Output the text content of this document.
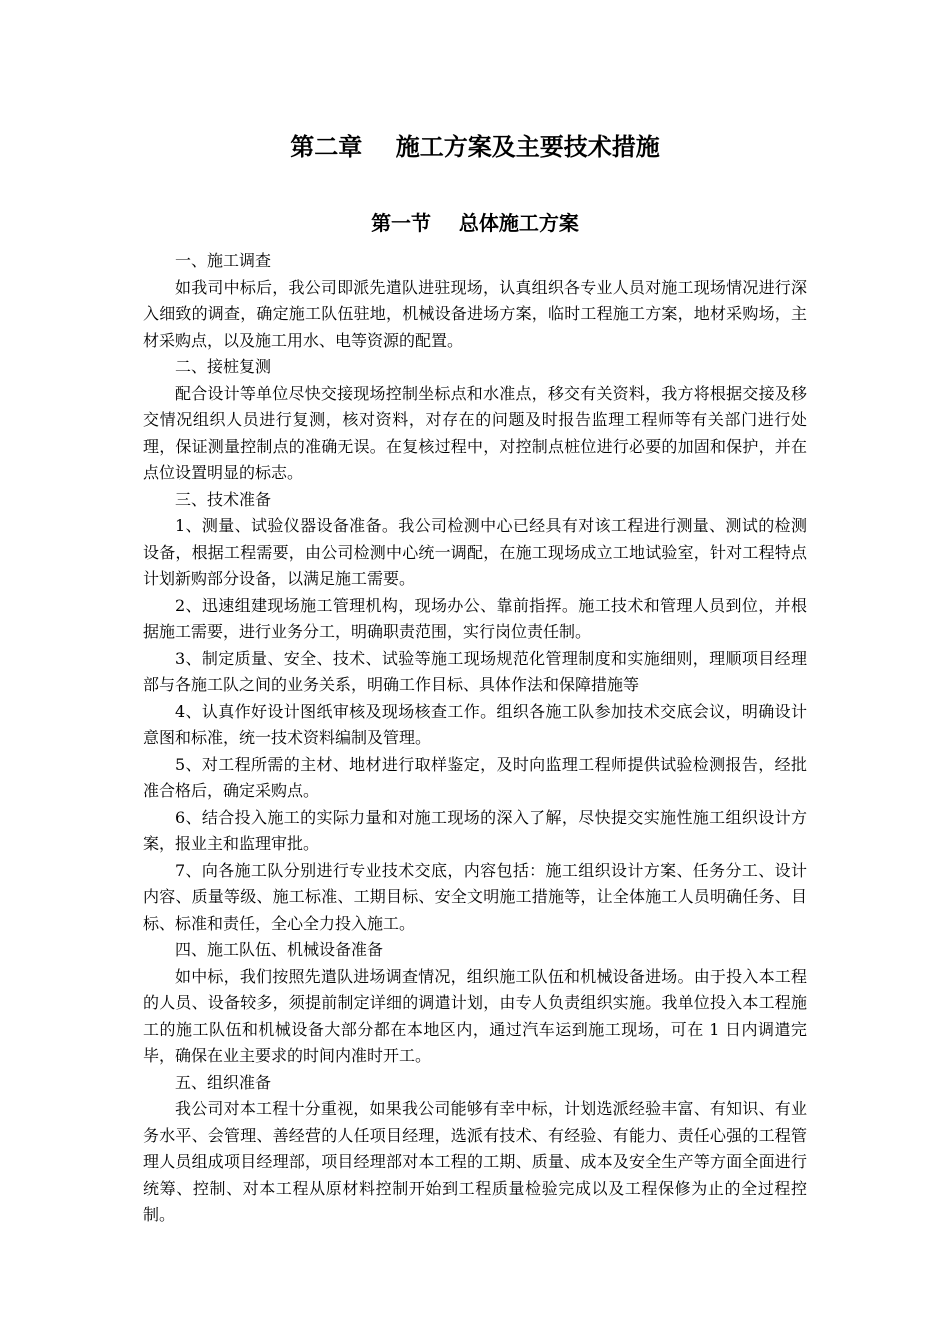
第二章    施工方案及主要技术措施
第一节    总体施工方案

一、施工调查

如我司中标后，我公司即派先遣队进驻现场，认真组织各专业人员对施工现场情况进行深入细致的调查，确定施工队伍驻地，机械设备进场方案，临时工程施工方案，地材采购场，主材采购点，以及施工用水、电等资源的配置。

二、接桩复测

配合设计等单位尽快交接现场控制坐标点和水准点，移交有关资料，我方将根据交接及移交情况组织人员进行复测，核对资料，对存在的问题及时报告监理工程师等有关部门进行处理，保证测量控制点的准确无误。在复核过程中，对控制点桩位进行必要的加固和保护，并在点位设置明显的标志。

三、技术准备

1、测量、试验仪器设备准备。我公司检测中心已经具有对该工程进行测量、测试的检测设备，根据工程需要，由公司检测中心统一调配，在施工现场成立工地试验室，针对工程特点计划新购部分设备，以满足施工需要。

2、迅速组建现场施工管理机构，现场办公、靠前指挥。施工技术和管理人员到位，并根据施工需要，进行业务分工，明确职责范围，实行岗位责任制。

3、制定质量、安全、技术、试验等施工现场规范化管理制度和实施细则，理顺项目经理部与各施工队之间的业务关系，明确工作目标、具体作法和保障措施等

4、认真作好设计图纸审核及现场核查工作。组织各施工队参加技术交底会议，明确设计意图和标准，统一技术资料编制及管理。

5、对工程所需的主材、地材进行取样鉴定，及时向监理工程师提供试验检测报告，经批准合格后，确定采购点。

6、结合投入施工的实际力量和对施工现场的深入了解，尽快提交实施性施工组织设计方案，报业主和监理审批。

7、向各施工队分别进行专业技术交底，内容包括：施工组织设计方案、任务分工、设计内容、质量等级、施工标准、工期目标、安全文明施工措施等，让全体施工人员明确任务、目标、标准和责任，全心全力投入施工。

四、施工队伍、机械设备准备

如中标，我们按照先遣队进场调查情况，组织施工队伍和机械设备进场。由于投入本工程的人员、设备较多，须提前制定详细的调遣计划，由专人负责组织实施。我单位投入本工程施工的施工队伍和机械设备大部分都在本地区内，通过汽车运到施工现场，可在 1 日内调遣完毕，确保在业主要求的时间内准时开工。

五、组织准备

我公司对本工程十分重视，如果我公司能够有幸中标，计划选派经验丰富、有知识、有业务水平、会管理、善经营的人任项目经理，选派有技术、有经验、有能力、责任心强的工程管理人员组成项目经理部，项目经理部对本工程的工期、质量、成本及安全生产等方面全面进行统筹、控制、对本工程从原材料控制开始到工程质量检验完成以及工程保修为止的全过程控制。
